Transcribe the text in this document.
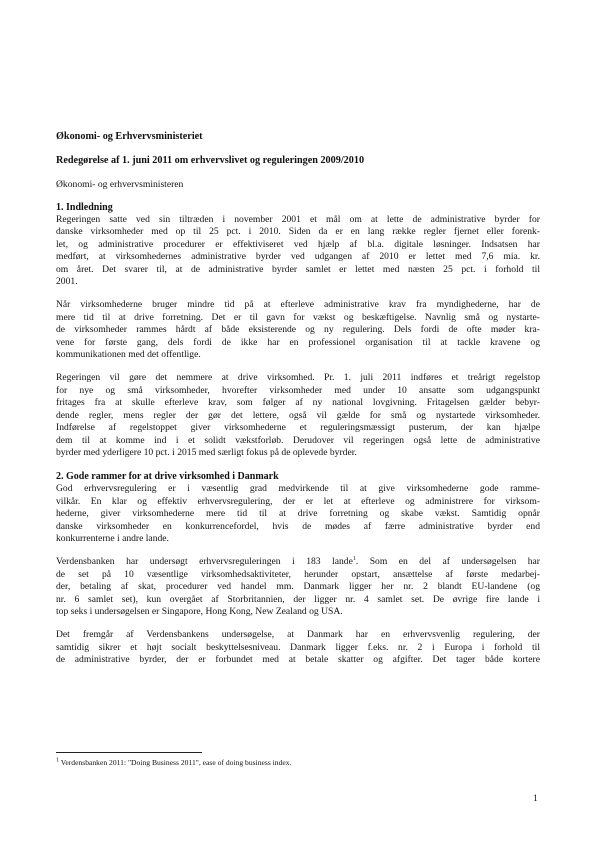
Økonomi- og Erhvervsministeriet
Redegørelse af 1. juni 2011 om erhvervslivet og reguleringen 2009/2010
Økonomi- og erhvervsministeren
1. Indledning
Regeringen satte ved sin tiltræden i november 2001 et mål om at lette de administrative byrder for
danske virksomheder med op til 25 pct. i 2010. Siden da er en lang række regler fjernet eller forenk-
let, og administrative procedurer er effektiviseret ved hjælp af bl.a. digitale løsninger. Indsatsen har
medført, at virksomhedernes administrative byrder ved udgangen af 2010 er lettet med 7,6 mia. kr.
om året. Det svarer til, at de administrative byrder samlet er lettet med næsten 25 pct. i forhold til
2001.
Når virksomhederne bruger mindre tid på at efterleve administrative krav fra myndighederne, har de
mere tid til at drive forretning. Det er til gavn for vækst og beskæftigelse. Navnlig små og nystarte-
de virksomheder rammes hårdt af både eksisterende og ny regulering. Dels fordi de ofte møder kra-
vene for første gang, dels fordi de ikke har en professionel organisation til at tackle kravene og
kommunikationen med det offentlige.
Regeringen vil gøre det nemmere at drive virksomhed. Pr. 1. juli 2011 indføres et treårigt regelstop
for nye og små virksomheder, hvorefter virksomheder med under 10 ansatte som udgangspunkt
fritages fra at skulle efterleve krav, som følger af ny national lovgivning. Fritagelsen gælder bebyr-
dende regler, mens regler der gør det lettere, også vil gælde for små og nystartede virksomheder.
Indførelse af regelstoppet giver virksomhederne et reguleringsmæssigt pusterum, der kan hjælpe
dem til at komme ind i et solidt vækstforløb. Derudover vil regeringen også lette de administrative
byrder med yderligere 10 pct. i 2015 med særligt fokus på de oplevede byrder.
2. Gode rammer for at drive virksomhed i Danmark
God erhvervsregulering er i væsentlig grad medvirkende til at give virksomhederne gode ramme-
vilkår. En klar og effektiv erhvervsregulering, der er let at efterleve og administrere for virksom-
hederne, giver virksomhederne mere tid til at drive forretning og skabe vækst. Samtidig opnår
danske virksomheder en konkurrencefordel, hvis de mødes af færre administrative byrder end
konkurrenterne i andre lande.
Verdensbanken har undersøgt erhvervsreguleringen i 183 lande$^1$. Som en del af undersøgelsen har
de set på 10 væsentlige virksomhedsaktiviteter, herunder opstart, ansættelse af første medarbej-
der, betaling af skat, procedurer ved handel mm. Danmark ligger her nr. 2 blandt EU-landene (og
nr. 6 samlet set), kun overgået af Storbritannien, der ligger nr. 4 samlet set. De øvrige fire lande i
top seks i undersøgelsen er Singapore, Hong Kong, New Zealand og USA.
Det fremgår af Verdensbankens undersøgelse, at Danmark har en erhvervsvenlig regulering, der
samtidig sikrer et højt socialt beskyttelsesniveau. Danmark ligger f.eks. nr. 2 i Europa i forhold til
de administrative byrder, der er forbundet med at betale skatter og afgifter. Det tager både kortere
$^1$ Verdensbanken 2011: "Doing Business 2011", ease of doing business index.
1
